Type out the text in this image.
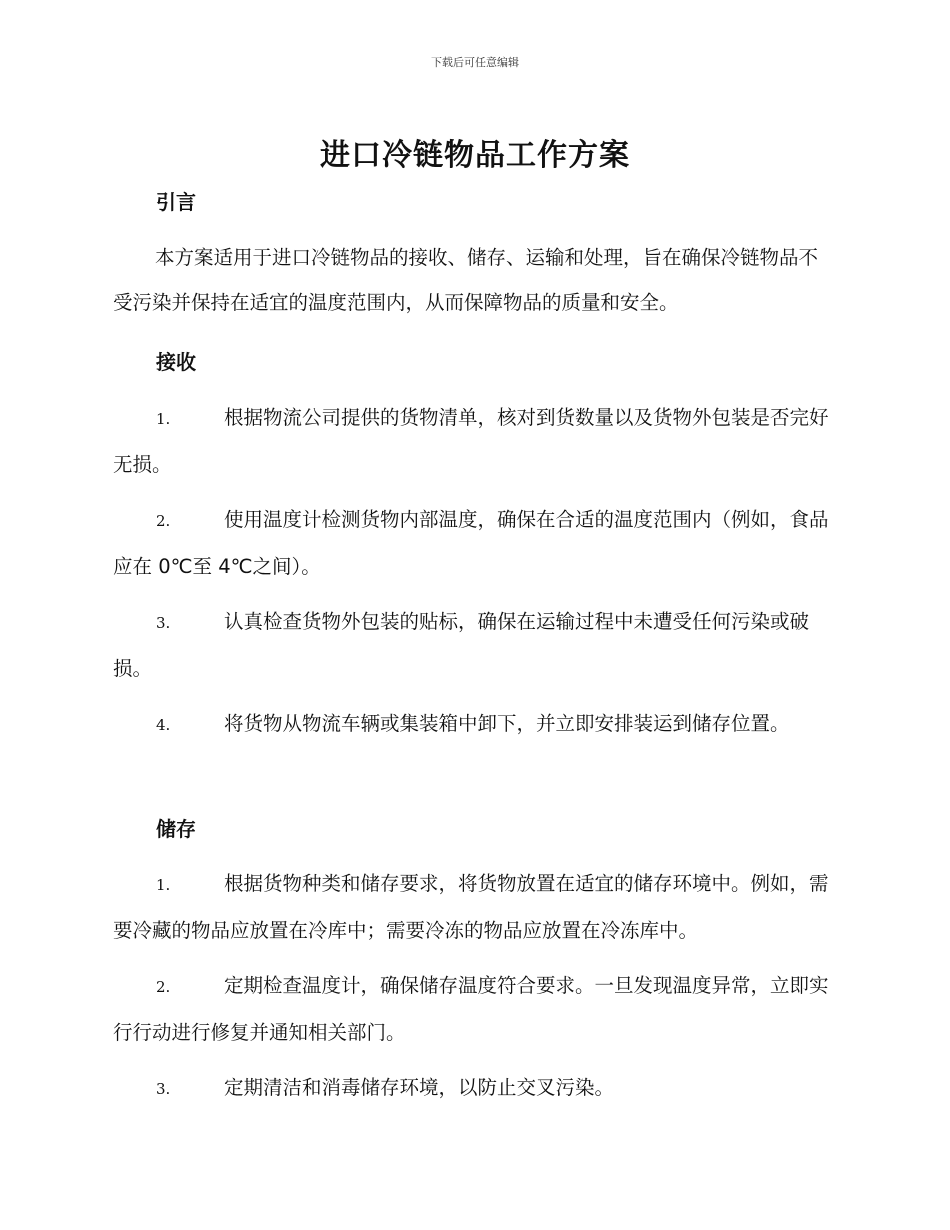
下载后可任意编辑
进口冷链物品工作方案
引言
本方案适用于进口冷链物品的接收、储存、运输和处理，旨在确保冷链物品不受污染并保持在适宜的温度范围内，从而保障物品的质量和安全。
接收
1.	根据物流公司提供的货物清单，核对到货数量以及货物外包装是否完好无损。
2.	使用温度计检测货物内部温度，确保在合适的温度范围内（例如，食品应在 0℃至 4℃之间）。
3.	认真检查货物外包装的贴标，确保在运输过程中未遭受任何污染或破损。
4.	将货物从物流车辆或集装箱中卸下，并立即安排装运到储存位置。
储存
1.	根据货物种类和储存要求，将货物放置在适宜的储存环境中。例如，需要冷藏的物品应放置在冷库中；需要冷冻的物品应放置在冷冻库中。
2.	定期检查温度计，确保储存温度符合要求。一旦发现温度异常，立即实行行动进行修复并通知相关部门。
3.	定期清洁和消毒储存环境，以防止交叉污染。
